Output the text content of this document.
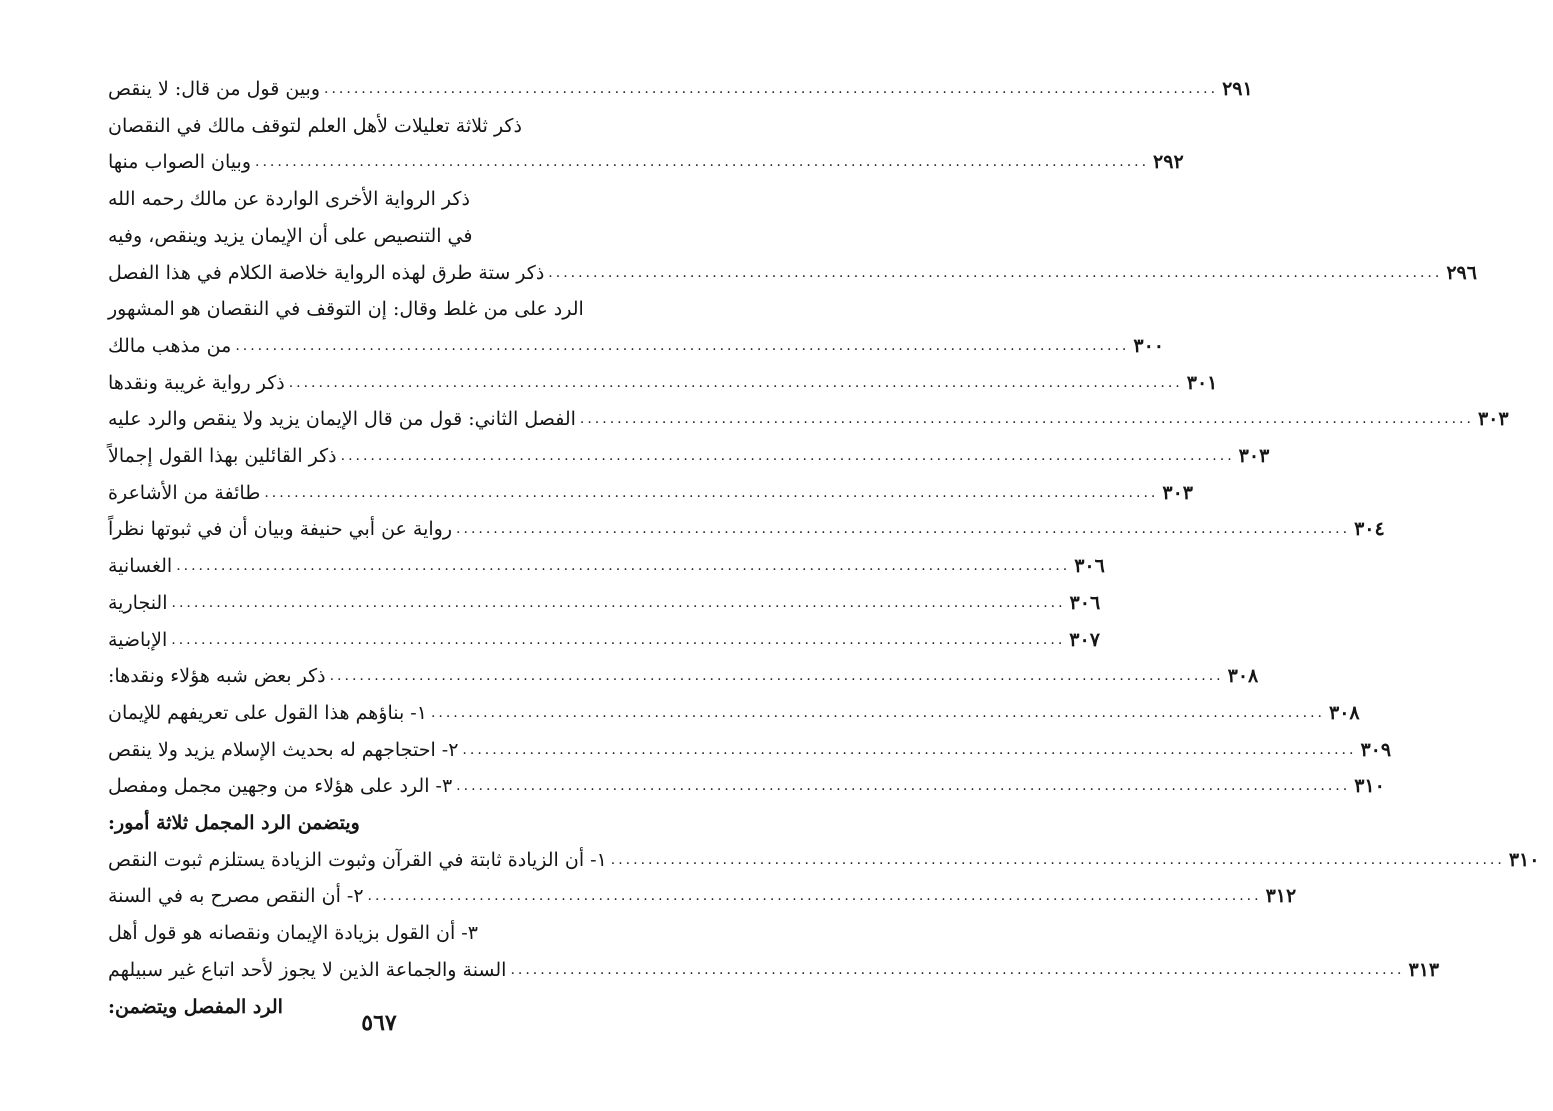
وبين قول من قال: لا ينقص ........................................................................................................................ ٢٩١
ذكر ثلاثة تعليلات لأهل العلم لتوقف مالك في النقصان
وبيان الصواب منها ........................................................................................................................ ٢٩٢
ذكر الرواية الأخرى الواردة عن مالك رحمه الله
في التنصيص على أن الإيمان يزيد وينقص، وفيه
ذكر ستة طرق لهذه الرواية خلاصة الكلام في هذا الفصل ........................................................................................................................ ٢٩٦
الرد على من غلط وقال: إن التوقف في النقصان هو المشهور
من مذهب مالك ........................................................................................................................ ٣٠٠
ذكر رواية غريبة ونقدها ........................................................................................................................ ٣٠١
الفصل الثاني: قول من قال الإيمان يزيد ولا ينقص والرد عليه ........................................................................................................................ ٣٠٣
ذكر القائلين بهذا القول إجمالاً ........................................................................................................................ ٣٠٣
طائفة من الأشاعرة ........................................................................................................................ ٣٠٣
رواية عن أبي حنيفة وبيان أن في ثبوتها نظراً ........................................................................................................................ ٣٠٤
الغسانية ........................................................................................................................ ٣٠٦
النجارية ........................................................................................................................ ٣٠٦
الإباضية ........................................................................................................................ ٣٠٧
ذكر بعض شبه هؤلاء ونقدها: ........................................................................................................................ ٣٠٨
١- بناؤهم هذا القول على تعريفهم للإيمان ........................................................................................................................ ٣٠٨
٢- احتجاجهم له بحديث الإسلام يزيد ولا ينقص ........................................................................................................................ ٣٠٩
٣- الرد على هؤلاء من وجهين مجمل ومفصل ........................................................................................................................ ٣١٠
ويتضمن الرد المجمل ثلاثة أمور:
١- أن الزيادة ثابتة في القرآن وثبوت الزيادة يستلزم ثبوت النقص ........................................................................................................................ ٣١٠
٢- أن النقص مصرح به في السنة ........................................................................................................................ ٣١٢
٣- أن القول بزيادة الإيمان ونقصانه هو قول أهل
السنة والجماعة الذين لا يجوز لأحد اتباع غير سبيلهم ........................................................................................................................ ٣١٣
الرد المفصل ويتضمن:
٥٦٧
